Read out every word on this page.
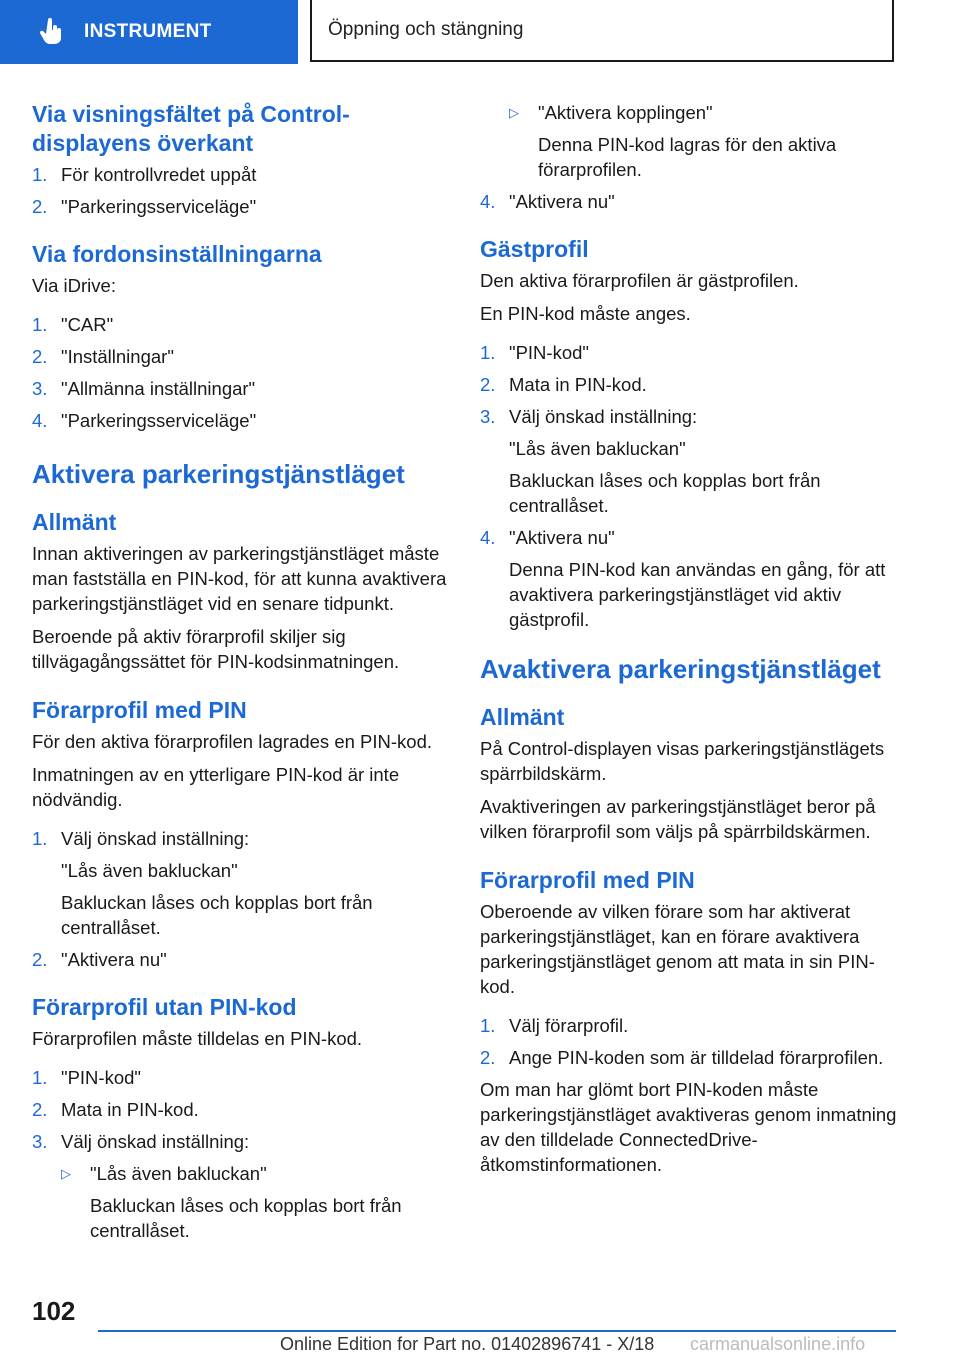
INSTRUMENT	Öppning och stängning
Via visningsfältet på Control-displayens överkant
1. För kontrollvredet uppåt
2. "Parkeringsserviceläge"
Via fordonsinställningarna
Via iDrive:
1. "CAR"
2. "Inställningar"
3. "Allmänna inställningar"
4. "Parkeringsserviceläge"
Aktivera parkeringstjänstläget
Allmänt
Innan aktiveringen av parkeringstjänstläget måste man fastställa en PIN-kod, för att kunna avaktivera parkeringstjänstläget vid en senare tidpunkt.
Beroende på aktiv förarprofil skiljer sig tillvägagångssättet för PIN-kodsinmatningen.
Förarprofil med PIN
För den aktiva förarprofilen lagrades en PIN-kod.
Inmatningen av en ytterligare PIN-kod är inte nödvändig.
1. Välj önskad inställning:
"Lås även bakluckan"
Bakluckan låses och kopplas bort från centrallåset.
2. "Aktivera nu"
Förarprofil utan PIN-kod
Förarprofilen måste tilldelas en PIN-kod.
1. "PIN-kod"
2. Mata in PIN-kod.
3. Välj önskad inställning:
▷	"Lås även bakluckan"
Bakluckan låses och kopplas bort från centrallåset.

▷	"Aktivera kopplingen"
Denna PIN-kod lagras för den aktiva förarprofilen.
4. "Aktivera nu"
Gästprofil
Den aktiva förarprofilen är gästprofilen.
En PIN-kod måste anges.
1. "PIN-kod"
2. Mata in PIN-kod.
3. Välj önskad inställning:
"Lås även bakluckan"
Bakluckan låses och kopplas bort från centrallåset.
4. "Aktivera nu"
Denna PIN-kod kan användas en gång, för att avaktivera parkeringstjänstläget vid aktiv gästprofil.
Avaktivera parkeringstjänstläget
Allmänt
På Control-displayen visas parkeringstjänstlägets spärrbildskärm.
Avaktiveringen av parkeringstjänstläget beror på vilken förarprofil som väljs på spärrbildskärmen.
Förarprofil med PIN
Oberoende av vilken förare som har aktiverat parkeringstjänstläget, kan en förare avaktivera parkeringstjänstläget genom att mata in sin PIN-kod.
1. Välj förarprofil.
2. Ange PIN-koden som är tilldelad förarprofilen.
Om man har glömt bort PIN-koden måste parkeringstjänstläget avaktiveras genom inmatning av den tilldelade ConnectedDrive-åtkomstinformationen.
102
Online Edition for Part no. 01402896741 - X/18 carmanualsonline.info
